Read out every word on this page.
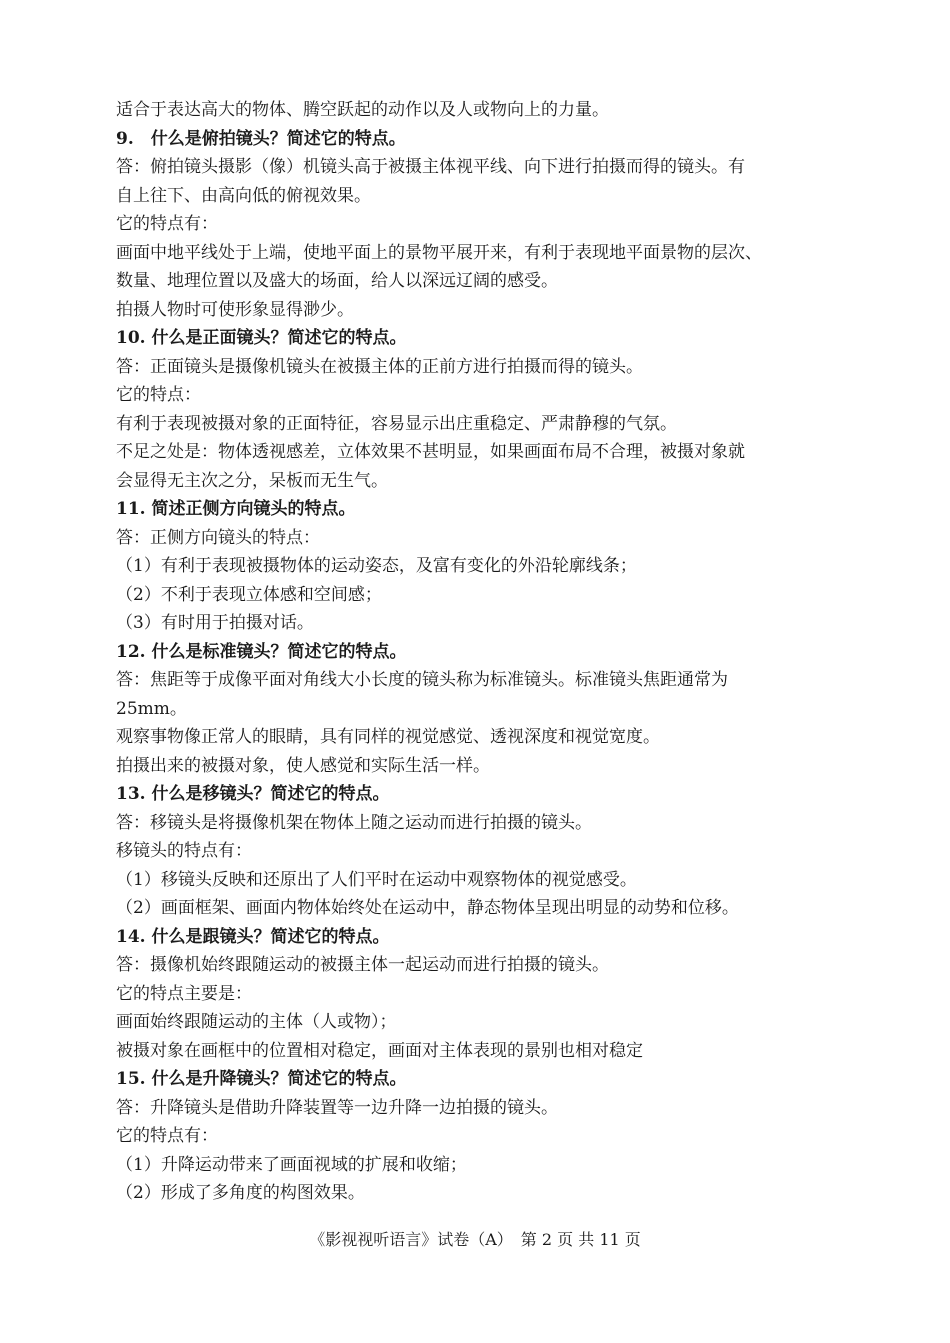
适合于表达高大的物体、腾空跃起的动作以及人或物向上的力量。
9.　什么是俯拍镜头？简述它的特点。
答：俯拍镜头摄影（像）机镜头高于被摄主体视平线、向下进行拍摄而得的镜头。有
自上往下、由高向低的俯视效果。
它的特点有：
画面中地平线处于上端，使地平面上的景物平展开来，有利于表现地平面景物的层次、
数量、地理位置以及盛大的场面，给人以深远辽阔的感受。
拍摄人物时可使形象显得渺少。
10. 什么是正面镜头？简述它的特点。
答：正面镜头是摄像机镜头在被摄主体的正前方进行拍摄而得的镜头。
它的特点：
有利于表现被摄对象的正面特征，容易显示出庄重稳定、严肃静穆的气氛。
不足之处是：物体透视感差，立体效果不甚明显，如果画面布局不合理，被摄对象就
会显得无主次之分，呆板而无生气。
11. 简述正侧方向镜头的特点。
答：正侧方向镜头的特点：
（1）有利于表现被摄物体的运动姿态，及富有变化的外沿轮廓线条；
（2）不利于表现立体感和空间感；
（3）有时用于拍摄对话。
12. 什么是标准镜头？简述它的特点。
答：焦距等于成像平面对角线大小长度的镜头称为标准镜头。标准镜头焦距通常为
25mm。
观察事物像正常人的眼睛，具有同样的视觉感觉、透视深度和视觉宽度。
拍摄出来的被摄对象，使人感觉和实际生活一样。
13. 什么是移镜头？简述它的特点。
答：移镜头是将摄像机架在物体上随之运动而进行拍摄的镜头。
移镜头的特点有：
（1）移镜头反映和还原出了人们平时在运动中观察物体的视觉感受。
（2）画面框架、画面内物体始终处在运动中，静态物体呈现出明显的动势和位移。
14. 什么是跟镜头？简述它的特点。
答：摄像机始终跟随运动的被摄主体一起运动而进行拍摄的镜头。
它的特点主要是：
画面始终跟随运动的主体（人或物）；
被摄对象在画框中的位置相对稳定，画面对主体表现的景别也相对稳定
15. 什么是升降镜头？简述它的特点。
答：升降镜头是借助升降装置等一边升降一边拍摄的镜头。
它的特点有：
（1）升降运动带来了画面视域的扩展和收缩；
（2）形成了多角度的构图效果。
《影视视听语言》试卷（A）　第 2 页 共 11 页
